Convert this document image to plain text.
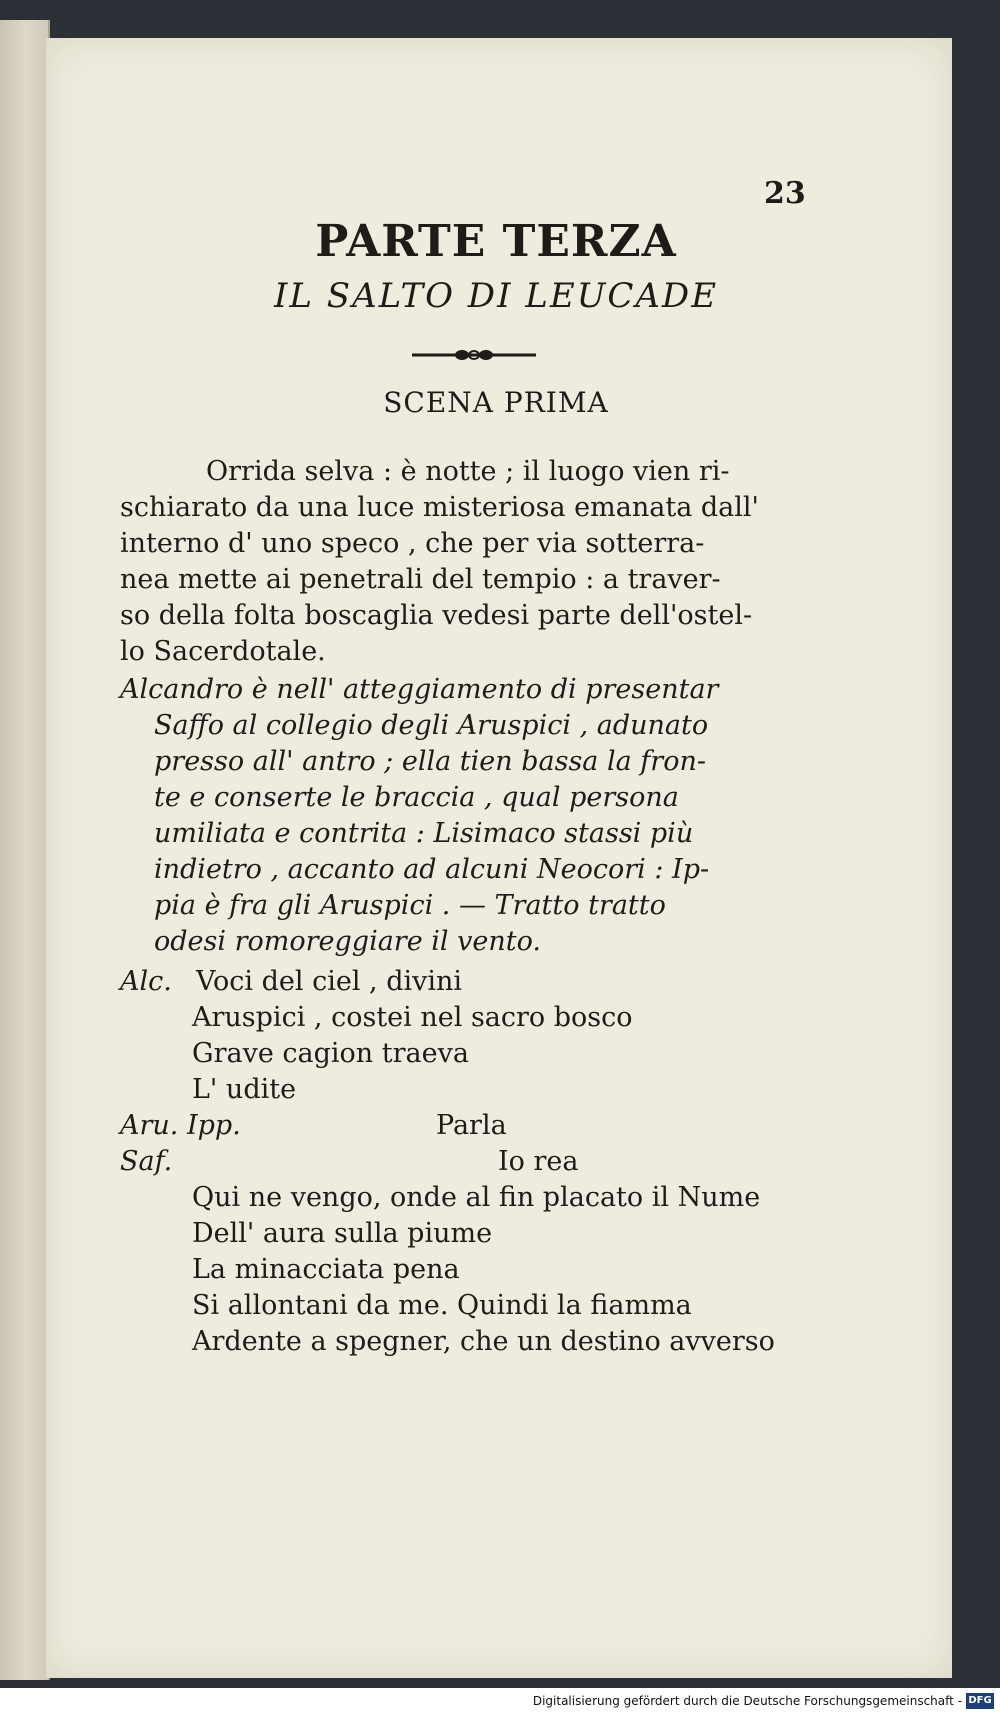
23
PARTE TERZA
IL SALTO DI LEUCADE
SCENA PRIMA
Orrida selva : è notte ; il luogo vien ri-
schiarato da una luce misteriosa emanata dall'
interno d' uno speco , che per via sotterra-
nea mette ai penetrali del tempio : a traver-
so della folta boscaglia vedesi parte dell'ostel-
lo Sacerdotale.
Alcandro è nell' atteggiamento di presentar
Saffo al collegio degli Aruspici , adunato
presso all' antro ; ella tien bassa la fron-
te e conserte le braccia , qual persona
umiliata e contrita : Lisimaco stassi più
indietro , accanto ad alcuni Neocori : Ip-
pia è fra gli Aruspici . — Tratto tratto
odesi romoreggiare il vento.
Alc. Voci del ciel , divini
Aruspici , costei nel sacro bosco
Grave cagion traeva
L' udite
Aru. Ipp.	Parla
Saf.	Io rea
Qui ne vengo, onde al fin placato il Nume
Dell' aura sulla piume
La minacciata pena
Si allontani da me. Quindi la fiamma
Ardente a spegner, che un destino avverso
Digitalisierung gefördert durch die Deutsche Forschungsgemeinschaft - DFG
